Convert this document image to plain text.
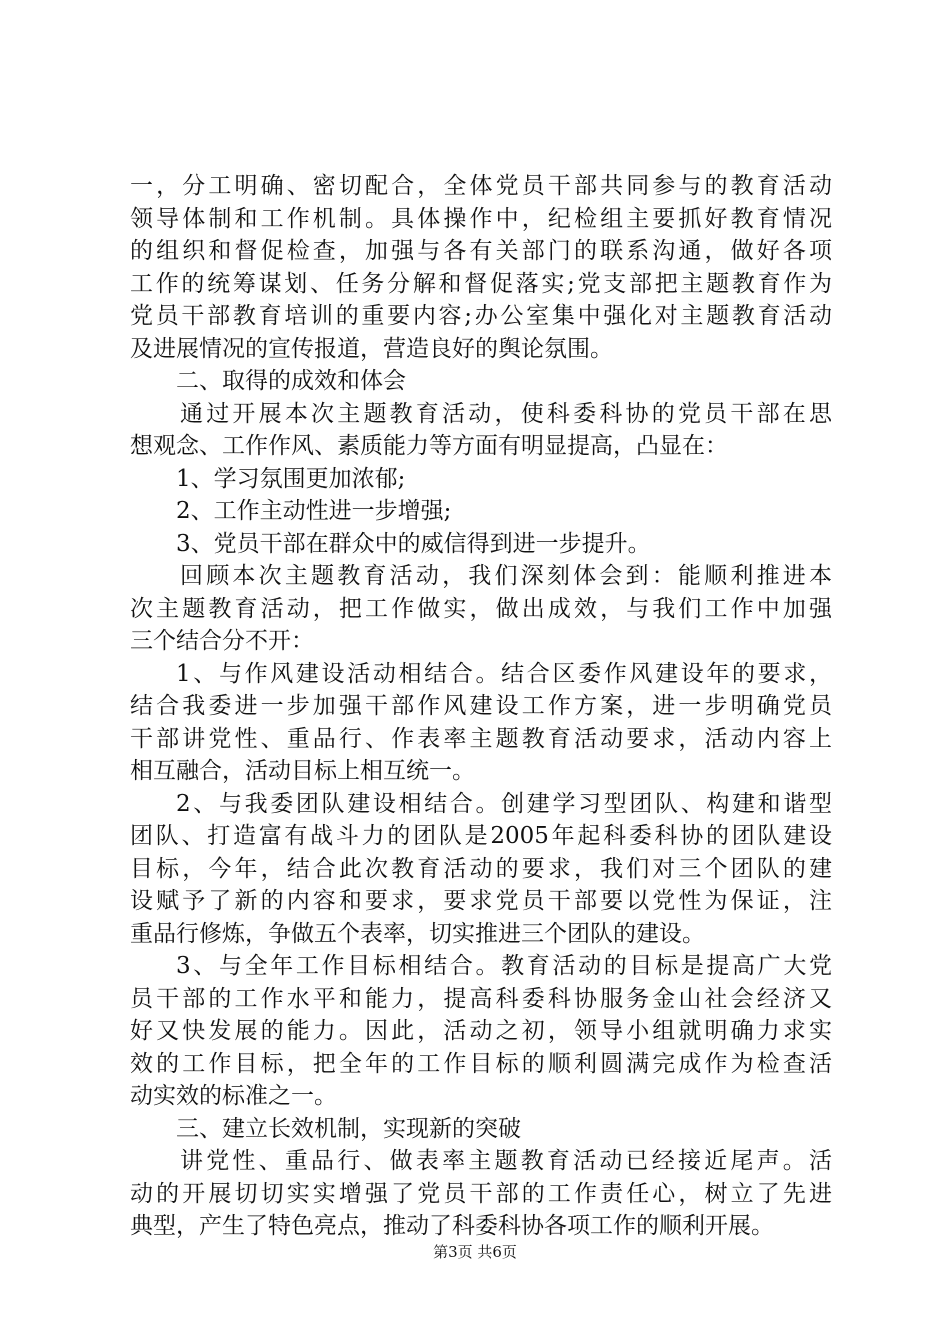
一，分工明确、密切配合，全体党员干部共同参与的教育活动
领导体制和工作机制。具体操作中，纪检组主要抓好教育情况
的组织和督促检查，加强与各有关部门的联系沟通，做好各项
工作的统筹谋划、任务分解和督促落实;党支部把主题教育作为
党员干部教育培训的重要内容;办公室集中强化对主题教育活动
及进展情况的宣传报道，营造良好的舆论氛围。
二、取得的成效和体会
通过开展本次主题教育活动，使科委科协的党员干部在思
想观念、工作作风、素质能力等方面有明显提高，凸显在：
1、学习氛围更加浓郁;
2、工作主动性进一步增强;
3、党员干部在群众中的威信得到进一步提升。
回顾本次主题教育活动，我们深刻体会到：能顺利推进本
次主题教育活动，把工作做实，做出成效，与我们工作中加强
三个结合分不开：
1、与作风建设活动相结合。结合区委作风建设年的要求，
结合我委进一步加强干部作风建设工作方案，进一步明确党员
干部讲党性、重品行、作表率主题教育活动要求，活动内容上
相互融合，活动目标上相互统一。
2、与我委团队建设相结合。创建学习型团队、构建和谐型
团队、打造富有战斗力的团队是2005年起科委科协的团队建设
目标，今年，结合此次教育活动的要求，我们对三个团队的建
设赋予了新的内容和要求，要求党员干部要以党性为保证，注
重品行修炼，争做五个表率，切实推进三个团队的建设。
3、与全年工作目标相结合。教育活动的目标是提高广大党
员干部的工作水平和能力，提高科委科协服务金山社会经济又
好又快发展的能力。因此，活动之初，领导小组就明确力求实
效的工作目标，把全年的工作目标的顺利圆满完成作为检查活
动实效的标准之一。
三、建立长效机制，实现新的突破
讲党性、重品行、做表率主题教育活动已经接近尾声。活
动的开展切切实实增强了党员干部的工作责任心，树立了先进
典型，产生了特色亮点，推动了科委科协各项工作的顺利开展。
第3页 共6页
